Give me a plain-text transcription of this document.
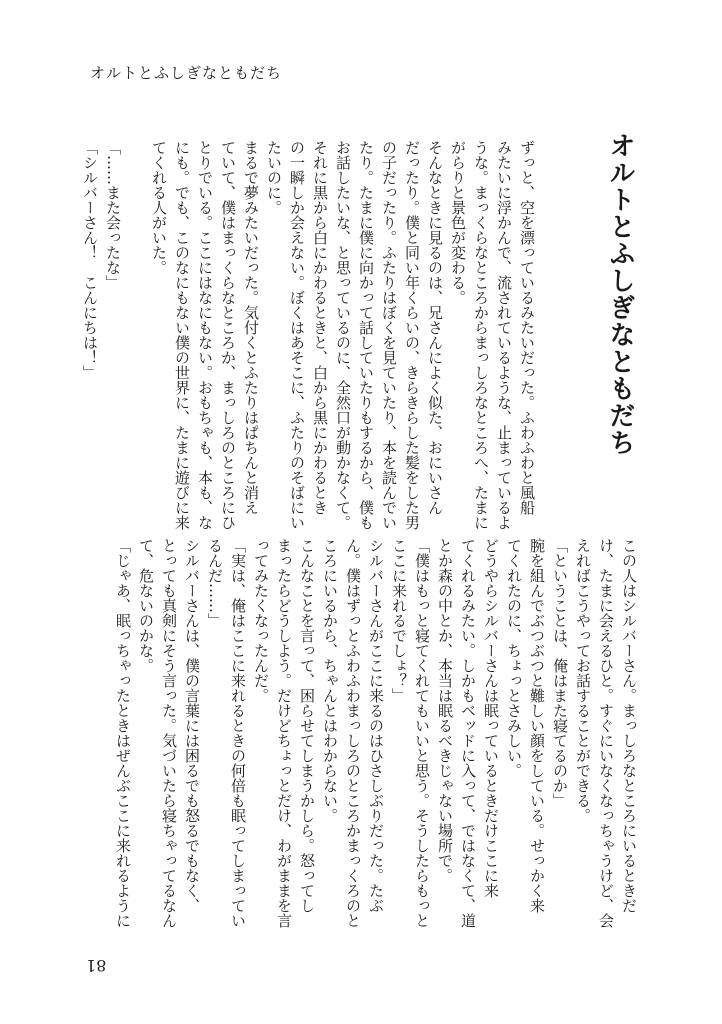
オルトとふしぎなともだち
オルトとふしぎなともだち

ずっと、空を漂っているみたいだった。ふわふわと風船

みたいに浮かんで、流されているような、止まっているよ

うな。まっくらなところからまっしろなところへ、たまに

がらりと景色が変わる。

そんなときに見るのは、兄さんによく似た、おにいさん

だったり。僕と同い年くらいの、きらきらした髪をした男

の子だったり。ふたりはぼくを見ていたり、本を読んでい

たり。たまに僕に向かって話していたりもするから、僕も

お話したいな、と思っているのに、全然口が動かなくて。

それに黒から白にかわるときと、白から黒にかわるとき

の一瞬しか会えない。ぼくはあそこに、ふたりのそばにい

たいのに。

まるで夢みたいだった。気付くとふたりはぱちんと消え

ていて、僕はまっくらなところか、まっしろのところにひ

とりでいる。ここにはなにもない。おもちゃも、本も、な

にも。でも、このなにもない僕の世界に、たまに遊びに来

てくれる人がいた。

「……また会ったな」

「シルバーさん！　こんにちは！」

この人はシルバーさん。まっしろなところにいるときだ

け、たまに会えるひと。すぐにいなくなっちゃうけど、会

えればこうやってお話することができる。

「ということは、俺はまた寝てるのか」

腕を組んでぶつぶつと難しい顔をしている。せっかく来

てくれたのに、ちょっとさみしい。

どうやらシルバーさんは眠っているときだけここに来

てくれるみたい。しかもベッドに入って、ではなくて、道

とか森の中とか、本当は眠るべきじゃない場所で。

「僕はもっと寝てくれてもいいと思う。そうしたらもっと

ここに来れるでしょ？」

シルバーさんがここに来るのはひさしぶりだった。たぶ

ん。僕はずっとふわふわまっしろのところかまっくろのと

ころにいるから、ちゃんとはわからない。

こんなことを言って、困らせてしまうかしら。怒ってし

まったらどうしよう。だけどちょっとだけ、わがままを言

ってみたくなったんだ。

「実は、俺はここに来れるときの何倍も眠ってしまってい

るんだ……」

シルバーさんは、僕の言葉には困るでも怒るでもなく、

とっても真剣にそう言った。気づいたら寝ちゃってるなん

て、危ないのかな。

「じゃあ、眠っちゃったときはぜんぶここに来れるように

81
